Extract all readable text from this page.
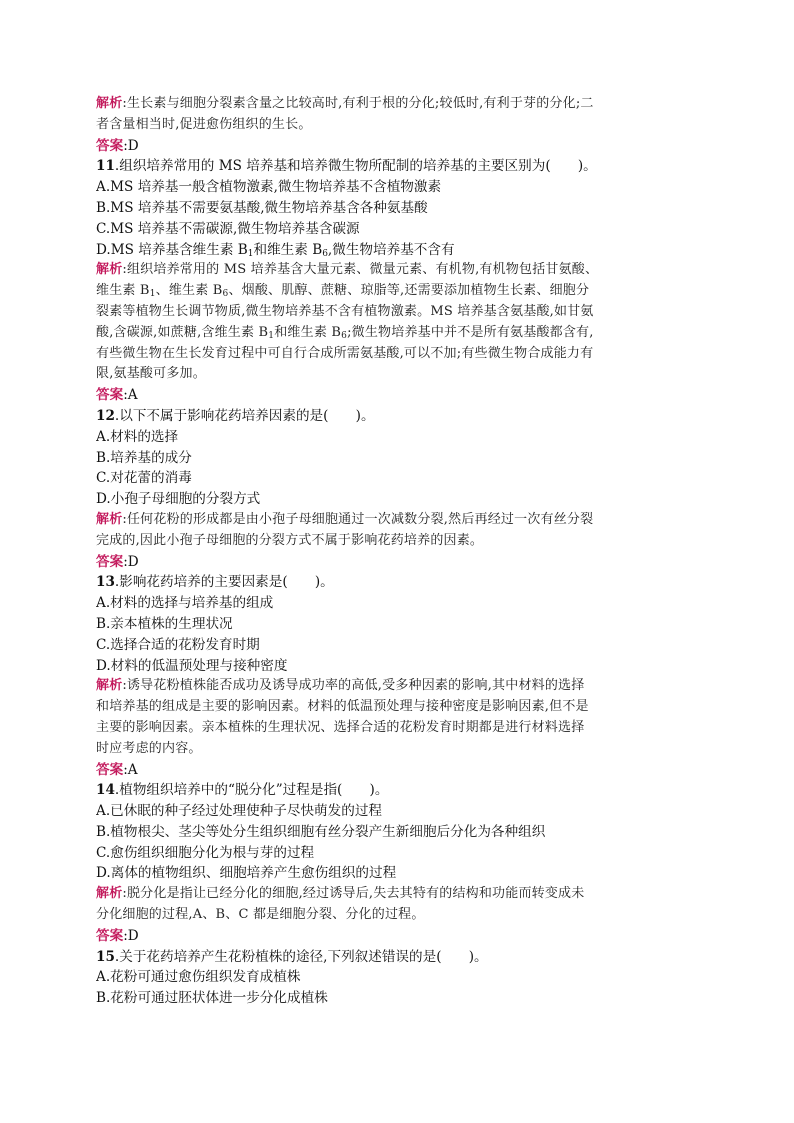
解析:生长素与细胞分裂素含量之比较高时,有利于根的分化;较低时,有利于芽的分化;二
者含量相当时,促进愈伤组织的生长。
答案:D
11.组织培养常用的 MS 培养基和培养微生物所配制的培养基的主要区别为(　　)。
A.MS 培养基一般含植物激素,微生物培养基不含植物激素
B.MS 培养基不需要氨基酸,微生物培养基含各种氨基酸
C.MS 培养基不需碳源,微生物培养基含碳源
D.MS 培养基含维生素 $B_1$和维生素 $B_6$,微生物培养基不含有
解析:组织培养常用的 MS 培养基含大量元素、微量元素、有机物,有机物包括甘氨酸、
维生素 $B_1$、维生素 $B_6$、烟酸、肌醇、蔗糖、琼脂等,还需要添加植物生长素、细胞分
裂素等植物生长调节物质,微生物培养基不含有植物激素。MS 培养基含氨基酸,如甘氨
酸,含碳源,如蔗糖,含维生素 $B_1$和维生素 $B_6$;微生物培养基中并不是所有氨基酸都含有,
有些微生物在生长发育过程中可自行合成所需氨基酸,可以不加;有些微生物合成能力有
限,氨基酸可多加。
答案:A
12.以下不属于影响花药培养因素的是(　　)。
A.材料的选择
B.培养基的成分
C.对花蕾的消毒
D.小孢子母细胞的分裂方式
解析:任何花粉的形成都是由小孢子母细胞通过一次减数分裂,然后再经过一次有丝分裂
完成的,因此小孢子母细胞的分裂方式不属于影响花药培养的因素。
答案:D
13.影响花药培养的主要因素是(　　)。
A.材料的选择与培养基的组成
B.亲本植株的生理状况
C.选择合适的花粉发育时期
D.材料的低温预处理与接种密度
解析:诱导花粉植株能否成功及诱导成功率的高低,受多种因素的影响,其中材料的选择
和培养基的组成是主要的影响因素。材料的低温预处理与接种密度是影响因素,但不是
主要的影响因素。亲本植株的生理状况、选择合适的花粉发育时期都是进行材料选择
时应考虑的内容。
答案:A
14.植物组织培养中的“脱分化”过程是指(　　)。
A.已休眠的种子经过处理使种子尽快萌发的过程
B.植物根尖、茎尖等处分生组织细胞有丝分裂产生新细胞后分化为各种组织
C.愈伤组织细胞分化为根与芽的过程
D.离体的植物组织、细胞培养产生愈伤组织的过程
解析:脱分化是指让已经分化的细胞,经过诱导后,失去其特有的结构和功能而转变成未
分化细胞的过程,A、B、C 都是细胞分裂、分化的过程。
答案:D
15.关于花药培养产生花粉植株的途径,下列叙述错误的是(　　)。
A.花粉可通过愈伤组织发育成植株
B.花粉可通过胚状体进一步分化成植株
